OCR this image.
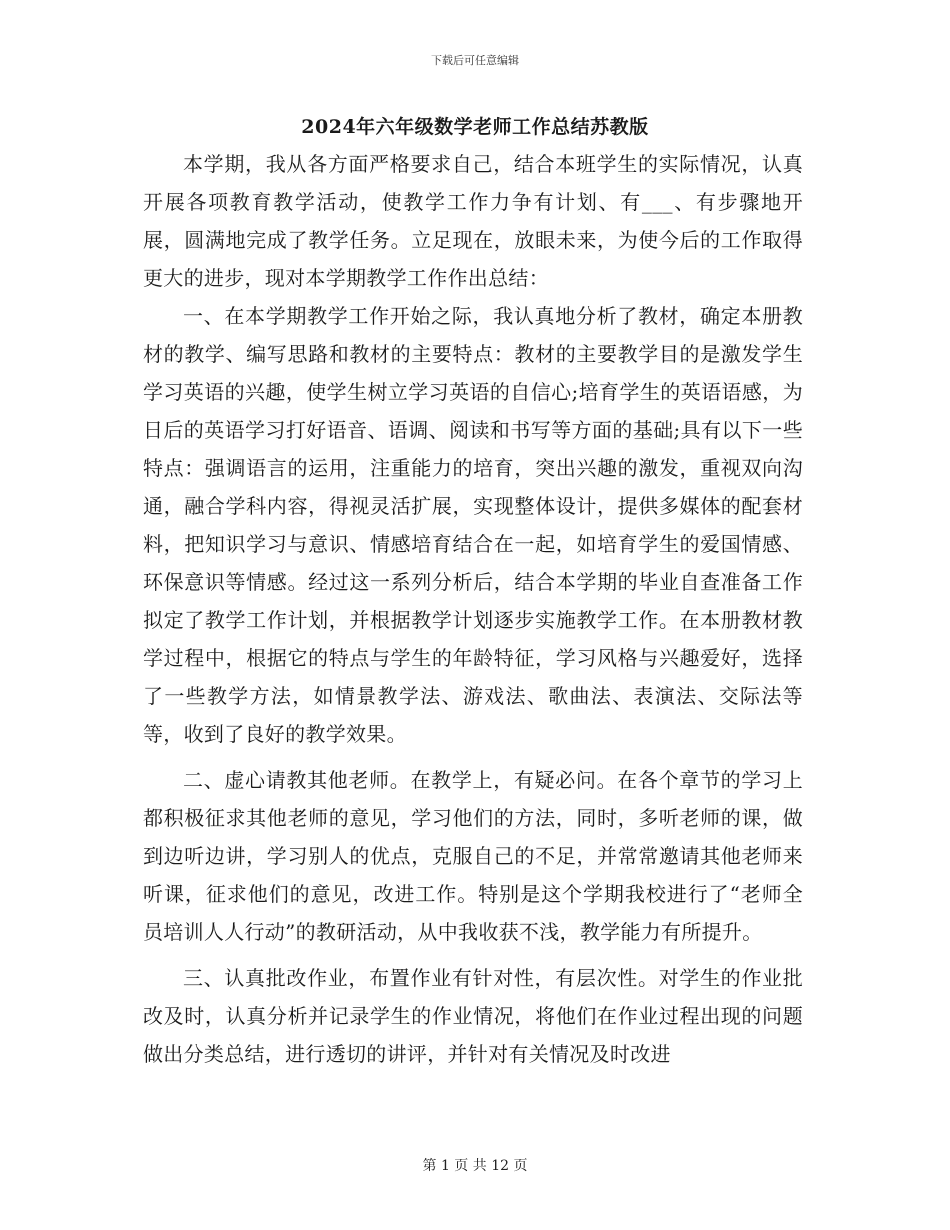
下载后可任意编辑
2024年六年级数学老师工作总结苏教版

本学期，我从各方面严格要求自己，结合本班学生的实际情况，认真开展各项教育教学活动，使教学工作力争有计划、有___、有步骤地开展，圆满地完成了教学任务。立足现在，放眼未来，为使今后的工作取得更大的进步，现对本学期教学工作作出总结：

一、在本学期教学工作开始之际，我认真地分析了教材，确定本册教材的教学、编写思路和教材的主要特点：教材的主要教学目的是激发学生学习英语的兴趣，使学生树立学习英语的自信心;培育学生的英语语感，为日后的英语学习打好语音、语调、阅读和书写等方面的基础;具有以下一些特点：强调语言的运用，注重能力的培育，突出兴趣的激发，重视双向沟通，融合学科内容，得视灵活扩展，实现整体设计，提供多媒体的配套材料，把知识学习与意识、情感培育结合在一起，如培育学生的爱国情感、环保意识等情感。经过这一系列分析后，结合本学期的毕业自查准备工作拟定了教学工作计划，并根据教学计划逐步实施教学工作。在本册教材教学过程中，根据它的特点与学生的年龄特征，学习风格与兴趣爱好，选择了一些教学方法，如情景教学法、游戏法、歌曲法、表演法、交际法等等，收到了良好的教学效果。

二、虚心请教其他老师。在教学上，有疑必问。在各个章节的学习上都积极征求其他老师的意见，学习他们的方法，同时，多听老师的课，做到边听边讲，学习别人的优点，克服自己的不足，并常常邀请其他老师来听课，征求他们的意见，改进工作。特别是这个学期我校进行了“老师全员培训人人行动”的教研活动，从中我收获不浅，教学能力有所提升。

三、认真批改作业，布置作业有针对性，有层次性。对学生的作业批改及时，认真分析并记录学生的作业情况，将他们在作业过程出现的问题做出分类总结，进行透切的讲评，并针对有关情况及时改进

第 1 页 共 12 页
